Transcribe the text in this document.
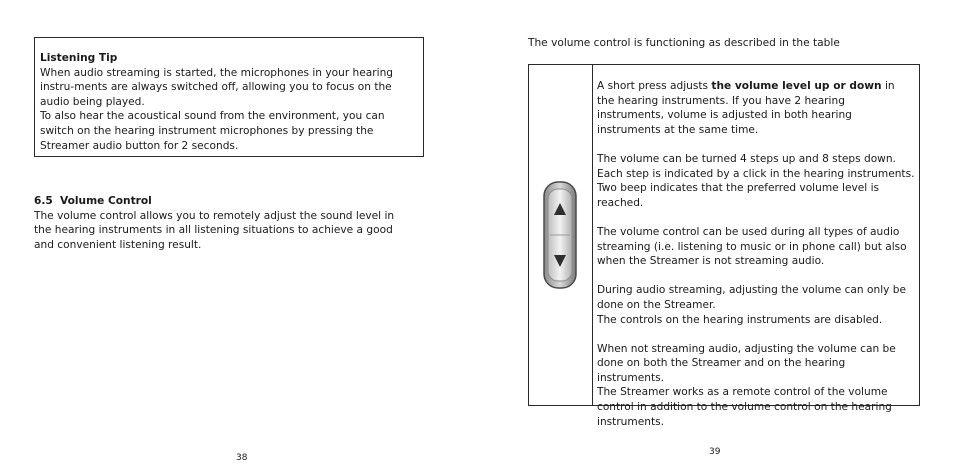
Listening Tip

When audio streaming is started, the microphones in your hearing instru-ments are always switched off, allowing you to focus on the audio being played.

To also hear the acoustical sound from the environment, you can switch on the hearing instrument microphones by pressing the Streamer audio button for 2 seconds.

6.5 Volume Control

The volume control allows you to remotely adjust the sound level in the hearing instruments in all listening situations to achieve a good and convenient listening result.

38
The volume control is functioning as described in the table

A short press adjusts the volume level up or down in the hearing instruments. If you have 2 hearing instruments, volume is adjusted in both hearing instruments at the same time.

The volume can be turned 4 steps up and 8 steps down. Each step is indicated by a click in the hearing instruments.
Two beep indicates that the preferred volume level is reached.

The volume control can be used during all types of audio streaming (i.e. listening to music or in phone call) but also when the Streamer is not streaming audio.

During audio streaming, adjusting the volume can only be done on the Streamer.
The controls on the hearing instruments are disabled.

When not streaming audio, adjusting the volume can be done on both the Streamer and on the hearing instruments.
The Streamer works as a remote control of the volume control in addition to the volume control on the hearing instruments.

39
